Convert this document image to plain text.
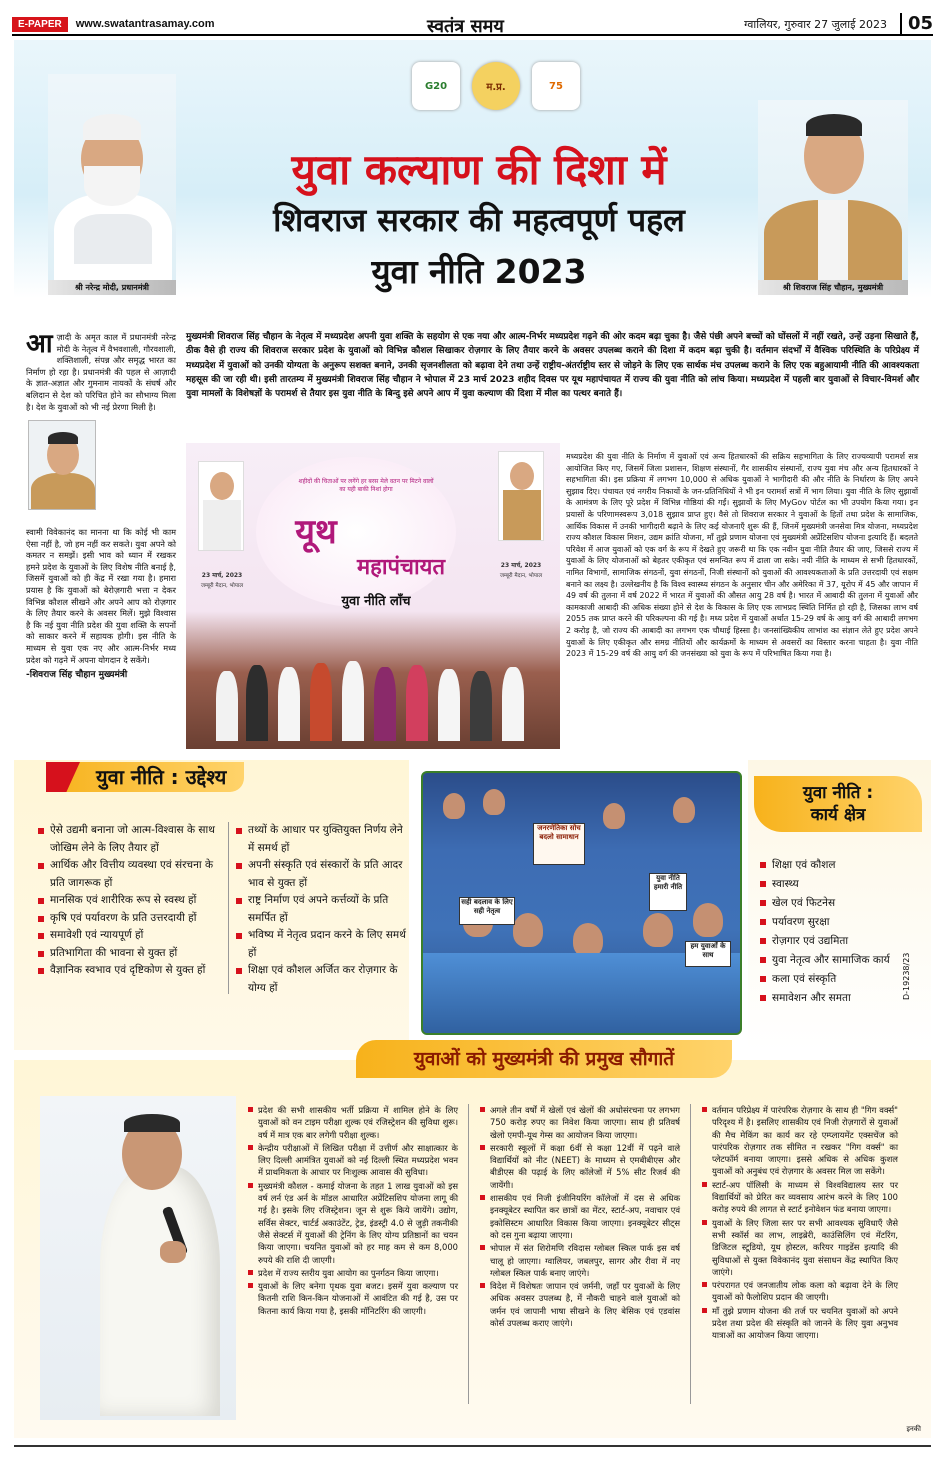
E-PAPER	www.swatantrasamay.com	स्वतंत्र समय	ग्वालियर, गुरुवार 27 जुलाई 2023	05
G20	म.प्र.	75
श्री नरेन्द्र मोदी, प्रधानमंत्री	श्री शिवराज सिंह चौहान, मुख्यमंत्री
युवा कल्याण की दिशा में
शिवराज सरकार की महत्वपूर्ण पहल
युवा नीति 2023
आ ज़ादी के अमृत काल में प्रधानमंत्री नरेन्द्र मोदी के नेतृत्व में वैभवशाली, गौरवशाली, शक्तिशाली, संपन्न और समृद्ध भारत का निर्माण हो रहा है। प्रधानमंत्री की पहल से आज़ादी के ज्ञात-अज्ञात और गुमनाम नायकों के संघर्ष और बलिदान से देश को परिचित होने का सौभाग्य मिला है। देश के युवाओं को भी नई प्रेरणा मिली है।

स्वामी विवेकानंद का मानना था कि कोई भी काम ऐसा नहीं है, जो हम नहीं कर सकते। युवा अपने को कमतर न समझें। इसी भाव को ध्यान में रखकर हमने प्रदेश के युवाओं के लिए विशेष नीति बनाई है, जिसमें युवाओं को ही केंद्र में रखा गया है। हमारा प्रयास है कि युवाओं को बेरोज़गारी भत्ता न देकर विभिन्न कौशल सीखने और अपने आप को रोज़गार के लिए तैयार करने के अवसर मिलें। मुझे विश्वास है कि नई युवा नीति प्रदेश की युवा शक्ति के सपनों को साकार करने में सहायक होगी। इस नीति के माध्यम से युवा एक नए और आत्म-निर्भर मध्य प्रदेश को गढ़ने में अपना योगदान दे सकेंगे।

-शिवराज सिंह चौहान मुख्यमंत्री
मुख्यमंत्री शिवराज सिंह चौहान के नेतृत्व में मध्यप्रदेश अपनी युवा शक्ति के सहयोग से एक नया और आत्म-निर्भर मध्यप्रदेश गढ़ने की ओर कदम बढ़ा चुका है। जैसे पंछी अपने बच्चों को घोंसलों में नहीं रखते, उन्हें उड़ना सिखाते हैं, ठीक वैसे ही राज्य की शिवराज सरकार प्रदेश के युवाओं को विभिन्न कौशल सिखाकर रोज़गार के लिए तैयार करने के अवसर उपलब्ध कराने की दिशा में कदम बढ़ा चुकी है। वर्तमान संदर्भों में वैश्विक परिस्थिति के परिप्रेक्ष्य में मध्यप्रदेश में युवाओं को उनकी योग्यता के अनुरूप सशक्त बनाने, उनकी सृजनशीलता को बढ़ावा देने तथा उन्हें राष्ट्रीय-अंतर्राष्ट्रीय स्तर से जोड़ने के लिए एक सार्थक मंच उपलब्ध कराने के लिए एक बहुआयामी नीति की आवश्यकता महसूस की जा रही थी। इसी तारतम्य में मुख्यमंत्री शिवराज सिंह चौहान ने भोपाल में 23 मार्च 2023 शहीद दिवस पर यूथ महापंचायत में राज्य की युवा नीति को लांच किया। मध्यप्रदेश में पहली बार युवाओं से विचार-विमर्श और युवा मामलों के विशेषज्ञों के परामर्श से तैयार इस युवा नीति के बिन्दु इसे अपने आप में युवा कल्याण की दिशा में मील का पत्थर बनाते हैं।
शहीदों की चिताओं पर लगेंगे हर बरस मेले वतन पर मिटने वालों का यही बाकी निशां होगा
यूथ
महापंचायत
युवा नीति लॉंच
23 मार्च, 2023
जम्बूरी मैदान, भोपाल
23 मार्च, 2023
जम्बूरी मैदान, भोपाल
मध्यप्रदेश की युवा नीति के निर्माण में युवाओं एवं अन्य हितधारकों की सक्रिय सहभागिता के लिए राज्यव्यापी परामर्श सत्र आयोजित किए गए, जिसमें जिला प्रशासन, शिक्षण संस्थानों, गैर शासकीय संस्थानों, राज्य युवा मंच और अन्य हितधारकों ने सहभागिता की। इस प्रक्रिया में लगभग 10,000 से अधिक युवाओं ने भागीदारी की और नीति के निर्धारण के लिए अपने सुझाव दिए। पंचायत एवं नगरीय निकायों के जन-प्रतिनिधियों ने भी इन परामर्श सत्रों में भाग लिया। युवा नीति के लिए सुझावों के आमंत्रण के लिए पूरे प्रदेश में विभिन्न गोष्ठियां की गईं। सुझावों के लिए MyGov पोर्टल का भी उपयोग किया गया। इन प्रयासों के परिणामस्वरूप 3,018 सुझाव प्राप्त हुए। वैसे तो शिवराज सरकार ने युवाओं के हितों तथा प्रदेश के सामाजिक, आर्थिक विकास में उनकी भागीदारी बढ़ाने के लिए कई योजनाएँ शुरू की हैं, जिनमें मुख्यमंत्री जनसेवा मित्र योजना, मध्यप्रदेश राज्य कौशल विकास मिशन, उद्यम क्रांति योजना, माँ तुझे प्रणाम योजना एवं मुख्यमंत्री अप्रेंटिसशिप योजना इत्यादि हैं। बदलते परिवेश में आज युवाओं को एक वर्ग के रूप में देखते हुए जरूरी था कि एक नवीन युवा नीति तैयार की जाए, जिससे राज्य में युवाओं के लिए योजनाओं को बेहतर एकीकृत एवं समन्वित रूप में ढाला जा सके। नयी नीति के माध्यम से सभी हितधारकों, नामित विभागों, सामाजिक संगठनों, युवा संगठनों, निजी संस्थानों को युवाओं की आवश्यकताओं के प्रति उत्तरदायी एवं सक्षम बनाने का लक्ष्य है। उल्लेखनीय है कि विश्व स्वास्थ्य संगठन के अनुसार चीन और अमेरिका में 37, यूरोप में 45 और जापान में 49 वर्ष की तुलना में वर्ष 2022 में भारत में युवाओं की औसत आयु 28 वर्ष है। भारत में आबादी की तुलना में युवाओं और कामकाजी आबादी की अधिक संख्या होने से देश के विकास के लिए एक लाभप्रद स्थिति निर्मित हो रही है, जिसका लाभ वर्ष 2055 तक प्राप्त करने की परिकल्पना की गई है। मध्य प्रदेश में युवाओं अर्थात 15-29 वर्ष के आयु वर्ग की आबादी लगभग 2 करोड़ है, जो राज्य की आबादी का लगभग एक चौथाई हिस्सा है। जनसांख्यिकीय लाभांश का संज्ञान लेते हुए प्रदेश अपने युवाओं के लिए एकीकृत और समग्र नीतियों और कार्यक्रमों के माध्यम से अवसरों का विस्तार करना चाहता है। युवा नीति 2023 में 15-29 वर्ष की आयु वर्ग की जनसंख्या को युवा के रूप में परिभाषित किया गया है।
युवा नीति : उद्देश्य
ऐसे उद्यमी बनाना जो आत्म-विश्वास के साथ जोखिम लेने के लिए तैयार हों
आर्थिक और वित्तीय व्यवस्था एवं संरचना के प्रति जागरूक हों
मानसिक एवं शारीरिक रूप से स्वस्थ हों
कृषि एवं पर्यावरण के प्रति उत्तरदायी हों
समावेशी एवं न्यायपूर्ण हों
प्रतिभागिता की भावना से युक्त हों
वैज्ञानिक स्वभाव एवं दृष्टिकोण से युक्त हों
तथ्यों के आधार पर युक्तियुक्त निर्णय लेने में समर्थ हों
अपनी संस्कृति एवं संस्कारों के प्रति आदर भाव से युक्त हों
राष्ट्र निर्माण एवं अपने कर्त्तव्यों के प्रति समर्पित हों
भविष्य में नेतृत्व प्रदान करने के लिए समर्थ हों
शिक्षा एवं कौशल अर्जित कर रोज़गार के योग्य हों
जनरणेतिका सोच बदलो सामाधान
सही बदलाव के लिए सही नेतृत्व
युवा नीति हमारी नीति
हम युवाओं के साथ
युवा नीति :
कार्य क्षेत्र
शिक्षा एवं कौशल
स्वास्थ्य
खेल एवं फिटनेस
पर्यावरण सुरक्षा
रोज़गार एवं उद्यमिता
युवा नेतृत्व और सामाजिक कार्य
कला एवं संस्कृति
समावेशन और समता	D-19238/23
युवाओं को मुख्यमंत्री की प्रमुख सौगातें
प्रदेश की सभी शासकीय भर्ती प्रक्रिया में शामिल होने के लिए युवाओं को वन टाइम परीक्षा शुल्क एवं रजिस्ट्रेशन की सुविधा शुरू। वर्ष में मात्र एक बार लगेगी परीक्षा शुल्क।
केन्द्रीय परीक्षाओं में लिखित परीक्षा में उत्तीर्ण और साक्षात्कार के लिए दिल्ली आमंत्रित युवाओं को नई दिल्ली स्थित मध्यप्रदेश भवन में प्राथमिकता के आधार पर निःशुल्क आवास की सुविधा।
मुख्यमंत्री कौशल - कमाई योजना के तहत 1 लाख युवाओं को इस वर्ष लर्न एंड अर्न के मॉडल आधारित अप्रेंटिसशिप योजना लागू की गई है। इसके लिए रजिस्ट्रेशन। जून से शुरू किये जायेंगे। उद्योग, सर्विस सेक्टर, चार्टर्ड अकाउंटेंट, ट्रेड, इंडस्ट्री 4.0 से जुड़ी तकनीकी जैसे सेक्टर्स में युवाओं की ट्रेनिंग के लिए योग्य प्रतिष्ठानों का चयन किया जाएगा। चयनित युवाओं को हर माह कम से कम 8,000 रुपये की राशि दी जाएगी।
प्रदेश में राज्य स्तरीय युवा आयोग का पुनर्गठन किया जाएगा।
युवाओं के लिए बनेगा पृथक युवा बजट। इसमें युवा कल्याण पर कितनी राशि किन-किन योजनाओं में आवंटित की गई है, उस पर कितना कार्य किया गया है, इसकी मॉनिटरिंग की जाएगी।
अगले तीन वर्षों में खेलों एवं खेलों की अधोसंरचना पर लगभग 750 करोड़ रुपए का निवेश किया जाएगा। साथ ही प्रतिवर्ष खेलो एमपी-यूथ गेम्स का आयोजन किया जाएगा।
सरकारी स्कूलों में कक्षा 6वीं से कक्षा 12वीं में पढ़ने वाले विद्यार्थियों को नीट (NEET) के माध्यम से एमबीबीएस और बीडीएस की पढ़ाई के लिए कॉलेजों में 5% सीट रिजर्व की जायेंगी।
शासकीय एवं निजी इंजीनियरिंग कॉलेजों में दस से अधिक इनक्यूबेटर स्थापित कर छात्रों का मेंटर, स्टार्ट-अप, नवाचार एवं इकोसिस्टम आधारित विकास किया जाएगा। इनक्यूबेटर सीट्स को दस गुना बढ़ाया जाएगा।
भोपाल में संत शिरोमणि रविदास ग्लोबल स्किल पार्क इस वर्ष चालू हो जाएगा। ग्वालियर, जबलपुर, सागर और रीवा में नए ग्लोबल स्किल पार्क बनाए जाएंगे।
विदेश में विशेषतः जापान एवं जर्मनी, जहाँ पर युवाओं के लिए अधिक अवसर उपलब्ध है, में नौकरी चाहने वाले युवाओं को जर्मन एवं जापानी भाषा सीखने के लिए बेसिक एवं एडवांस कोर्स उपलब्ध कराए जाएंगे।
वर्तमान परिप्रेक्ष्य में पारंपरिक रोज़गार के साथ ही "गिग वर्क्स" परिदृश्य में है। इसलिए शासकीय एवं निजी रोज़गारों से युवाओं की मैच मेकिंग का कार्य कर रहे एम्प्लायमेंट एक्सचेंज को पारंपरिक रोज़गार तक सीमित न रखकर "गिग वर्क्स" का प्लेटफॉर्म बनाया जाएगा। इससे अधिक से अधिक कुशल युवाओं को अनुबंध एवं रोज़गार के अवसर मिल जा सकेंगे।
स्टार्ट-अप पॉलिसी के माध्यम से विश्वविद्यालय स्तर पर विद्यार्थियों को प्रेरित कर व्यवसाय आरंभ करने के लिए 100 करोड़ रुपये की लागत से स्टार्ट इनोवेशन फंड बनाया जाएगा।
युवाओं के लिए जिला स्तर पर सभी आवश्यक सुविधाएँ जैसे सभी स्कॉर्स का लाभ, लाइब्रेरी, काउंसिलिंग एवं मेंटरिंग, डिजिटल स्टूडियो, यूथ होस्टल, करियर गाइडेंस इत्यादि की सुविधाओं से युक्त विवेकानंद युवा संसाधन केंद्र स्थापित किए जाएंगे।
परंपरागत एवं जनजातीय लोक कला को बढ़ावा देने के लिए युवाओं को फैलोशिप प्रदान की जाएगी।
माँ तुझे प्रणाम योजना की तर्ज पर चयनित युवाओं को अपने प्रदेश तथा प्रदेश की संस्कृति को जानने के लिए युवा अनुभव यात्राओं का आयोजन किया जाएगा।
इनकी
